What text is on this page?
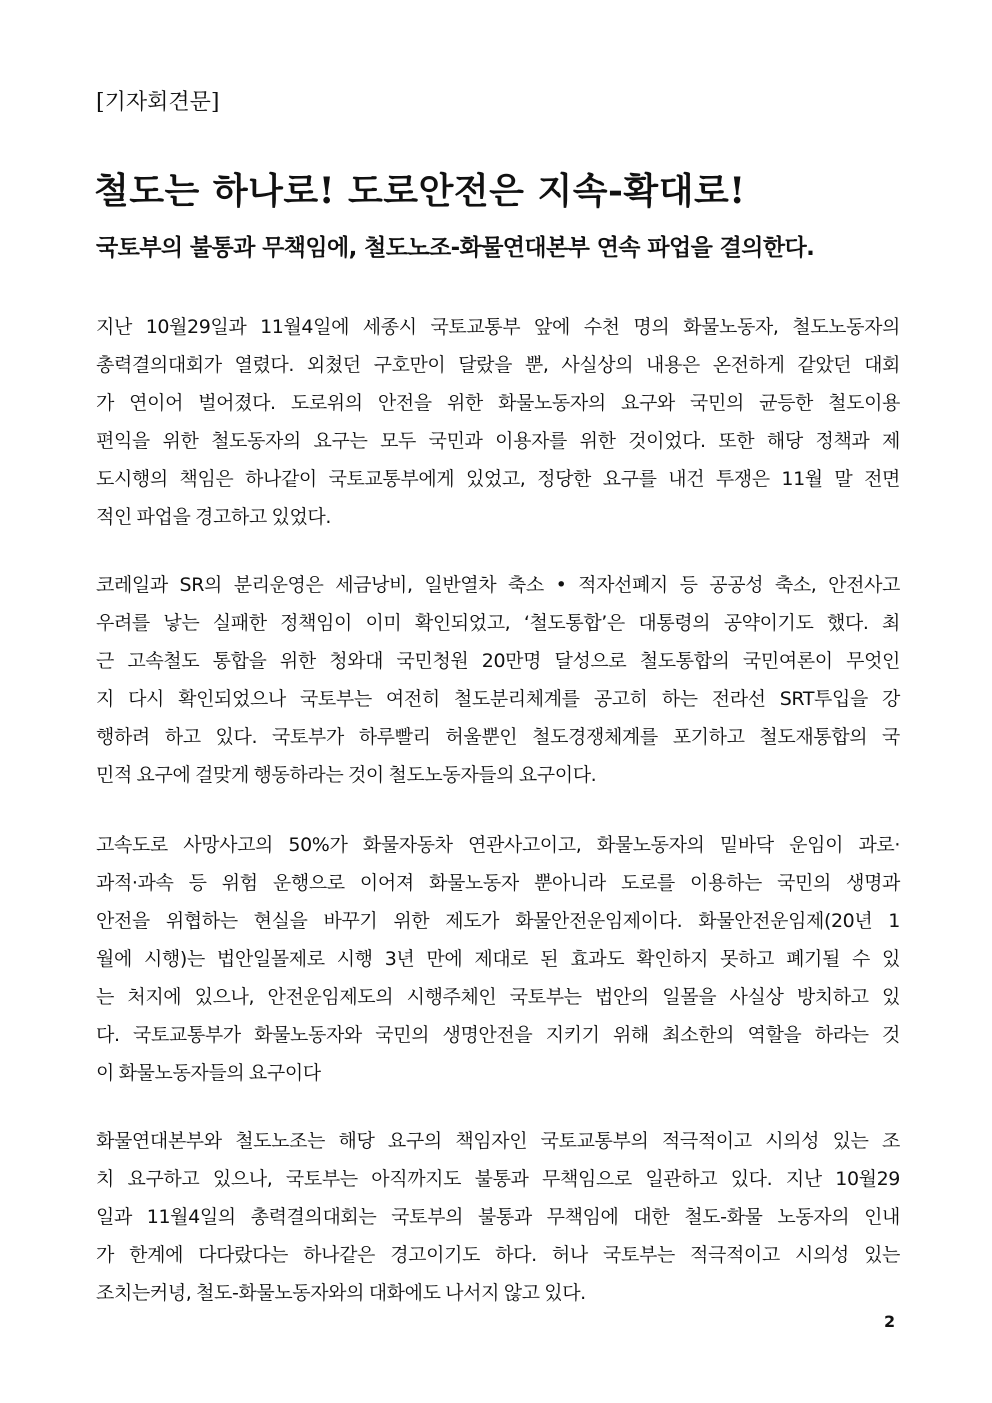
[기자회견문]
철도는 하나로! 도로안전은 지속-확대로!
국토부의 불통과 무책임에, 철도노조-화물연대본부 연속 파업을 결의한다.
지난 10월29일과 11월4일에 세종시 국토교통부 앞에 수천 명의 화물노동자, 철도노동자의
총력결의대회가 열렸다. 외쳤던 구호만이 달랐을 뿐, 사실상의 내용은 온전하게 같았던 대회
가 연이어 벌어졌다. 도로위의 안전을 위한 화물노동자의 요구와 국민의 균등한 철도이용
편익을 위한 철도동자의 요구는 모두 국민과 이용자를 위한 것이었다. 또한 해당 정책과 제
도시행의 책임은 하나같이 국토교통부에게 있었고, 정당한 요구를 내건 투쟁은 11월 말 전면
적인 파업을 경고하고 있었다.
코레일과 SR의 분리운영은 세금낭비, 일반열차 축소 • 적자선폐지 등 공공성 축소, 안전사고
우려를 낳는 실패한 정책임이 이미 확인되었고, ‘철도통합’은 대통령의 공약이기도 했다. 최
근 고속철도 통합을 위한 청와대 국민청원 20만명 달성으로 철도통합의 국민여론이 무엇인
지 다시 확인되었으나 국토부는 여전히 철도분리체계를 공고히 하는 전라선 SRT투입을 강
행하려 하고 있다. 국토부가 하루빨리 허울뿐인 철도경쟁체계를 포기하고 철도재통합의 국
민적 요구에 걸맞게 행동하라는 것이 철도노동자들의 요구이다.
고속도로 사망사고의 50%가 화물자동차 연관사고이고, 화물노동자의 밑바닥 운임이 과로·
과적·과속 등 위험 운행으로 이어져 화물노동자 뿐아니라 도로를 이용하는 국민의 생명과
안전을 위협하는 현실을 바꾸기 위한 제도가 화물안전운임제이다. 화물안전운임제(20년 1
월에 시행)는 법안일몰제로 시행 3년 만에 제대로 된 효과도 확인하지 못하고 폐기될 수 있
는 처지에 있으나, 안전운임제도의 시행주체인 국토부는 법안의 일몰을 사실상 방치하고 있
다. 국토교통부가 화물노동자와 국민의 생명안전을 지키기 위해 최소한의 역할을 하라는 것
이 화물노동자들의 요구이다
화물연대본부와 철도노조는 해당 요구의 책임자인 국토교통부의 적극적이고 시의성 있는 조
치 요구하고 있으나, 국토부는 아직까지도 불통과 무책임으로 일관하고 있다. 지난 10월29
일과 11월4일의 총력결의대회는 국토부의 불통과 무책임에 대한 철도-화물 노동자의 인내
가 한계에 다다랐다는 하나같은 경고이기도 하다. 허나 국토부는 적극적이고 시의성 있는
조치는커녕, 철도-화물노동자와의 대화에도 나서지 않고 있다.
2
